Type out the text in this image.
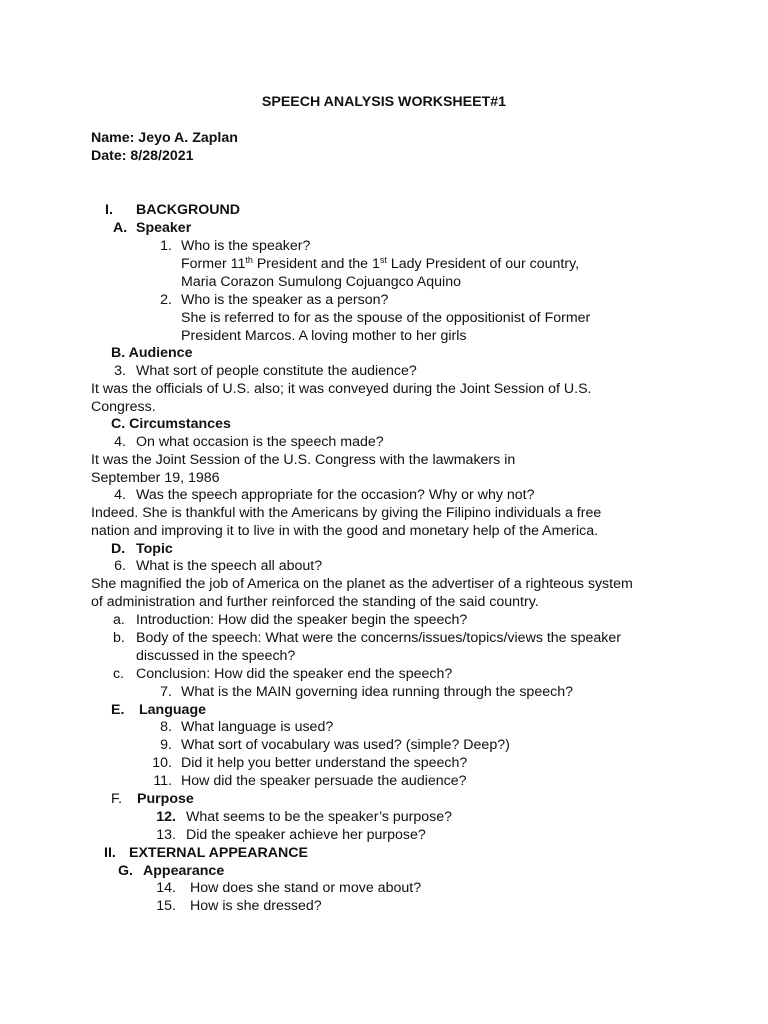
SPEECH ANALYSIS WORKSHEET#1
Name: Jeyo A. Zaplan
Date: 8/28/2021
I. BACKGROUND
A. Speaker
1. Who is the speaker?
Former 11th President and the 1st Lady President of our country,
Maria Corazon Sumulong Cojuangco Aquino
2. Who is the speaker as a person?
She is referred to for as the spouse of the oppositionist of Former
President Marcos. A loving mother to her girls
B. Audience
3. What sort of people constitute the audience?
It was the officials of U.S. also; it was conveyed during the Joint Session of U.S.
Congress.
C. Circumstances
4. On what occasion is the speech made?
It was the Joint Session of the U.S. Congress with the lawmakers in
September 19, 1986
4. Was the speech appropriate for the occasion? Why or why not?
Indeed. She is thankful with the Americans by giving the Filipino individuals a free
nation and improving it to live in with the good and monetary help of the America.
D. Topic
6. What is the speech all about?
She magnified the job of America on the planet as the advertiser of a righteous system
of administration and further reinforced the standing of the said country.
a. Introduction: How did the speaker begin the speech?
b. Body of the speech: What were the concerns/issues/topics/views the speaker
discussed in the speech?
c. Conclusion: How did the speaker end the speech?
7. What is the MAIN governing idea running through the speech?
E. Language
8. What language is used?
9. What sort of vocabulary was used? (simple? Deep?)
10. Did it help you better understand the speech?
11. How did the speaker persuade the audience?
F. Purpose
12. What seems to be the speaker’s purpose?
13. Did the speaker achieve her purpose?
II. EXTERNAL APPEARANCE
G. Appearance
14. How does she stand or move about?
15. How is she dressed?
